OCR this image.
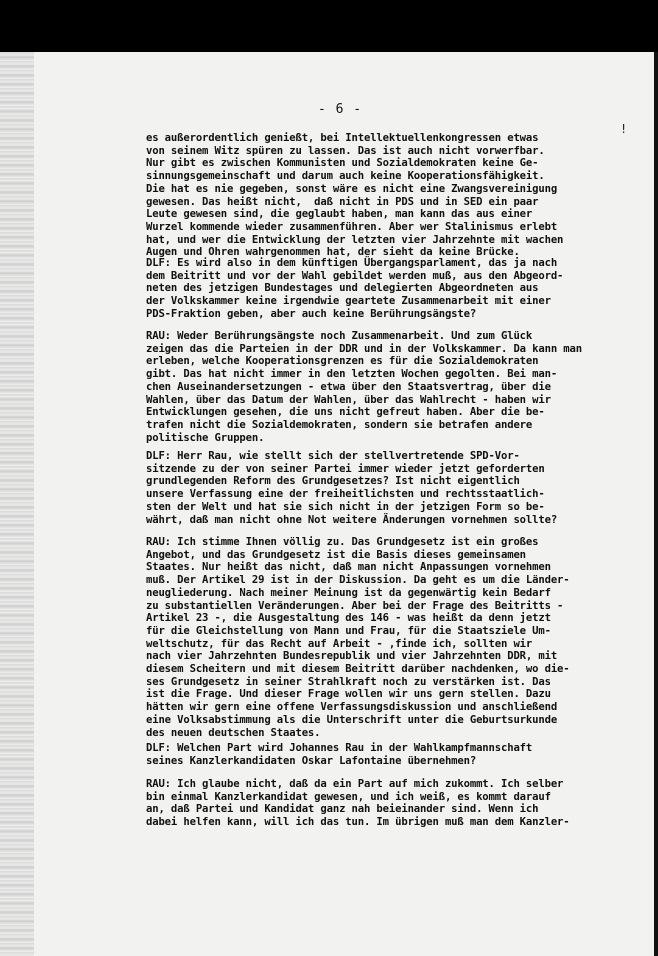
- 6 -
!
es außerordentlich genießt, bei Intellektuellenkongressen etwas
von seinem Witz spüren zu lassen. Das ist auch nicht vorwerfbar.
Nur gibt es zwischen Kommunisten und Sozialdemokraten keine Ge-
sinnungsgemeinschaft und darum auch keine Kooperationsfähigkeit.
Die hat es nie gegeben, sonst wäre es nicht eine Zwangsvereinigung
gewesen. Das heißt nicht,  daß nicht in PDS und in SED ein paar
Leute gewesen sind, die geglaubt haben, man kann das aus einer
Wurzel kommende wieder zusammenführen. Aber wer Stalinismus erlebt
hat, und wer die Entwicklung der letzten vier Jahrzehnte mit wachen
Augen und Ohren wahrgenommen hat, der sieht da keine Brücke.
DLF: Es wird also in dem künftigen Übergangsparlament, das ja nach
dem Beitritt und vor der Wahl gebildet werden muß, aus den Abgeord-
neten des jetzigen Bundestages und delegierten Abgeordneten aus
der Volkskammer keine irgendwie geartete Zusammenarbeit mit einer
PDS-Fraktion geben, aber auch keine Berührungsängste?
RAU: Weder Berührungsängste noch Zusammenarbeit. Und zum Glück
zeigen das die Parteien in der DDR und in der Volkskammer. Da kann man
erleben, welche Kooperationsgrenzen es für die Sozialdemokraten
gibt. Das hat nicht immer in den letzten Wochen gegolten. Bei man-
chen Auseinandersetzungen - etwa über den Staatsvertrag, über die
Wahlen, über das Datum der Wahlen, über das Wahlrecht - haben wir
Entwicklungen gesehen, die uns nicht gefreut haben. Aber die be-
trafen nicht die Sozialdemokraten, sondern sie betrafen andere
politische Gruppen.
DLF: Herr Rau, wie stellt sich der stellvertretende SPD-Vor-
sitzende zu der von seiner Partei immer wieder jetzt geforderten
grundlegenden Reform des Grundgesetzes? Ist nicht eigentlich
unsere Verfassung eine der freiheitlichsten und rechtsstaatlich-
sten der Welt und hat sie sich nicht in der jetzigen Form so be-
währt, daß man nicht ohne Not weitere Änderungen vornehmen sollte?
RAU: Ich stimme Ihnen völlig zu. Das Grundgesetz ist ein großes
Angebot, und das Grundgesetz ist die Basis dieses gemeinsamen
Staates. Nur heißt das nicht, daß man nicht Anpassungen vornehmen
muß. Der Artikel 29 ist in der Diskussion. Da geht es um die Länder-
neugliederung. Nach meiner Meinung ist da gegenwärtig kein Bedarf
zu substantiellen Veränderungen. Aber bei der Frage des Beitritts -
Artikel 23 -, die Ausgestaltung des 146 - was heißt da denn jetzt
für die Gleichstellung von Mann und Frau, für die Staatsziele Um-
weltschutz, für das Recht auf Arbeit - ,finde ich, sollten wir
nach vier Jahrzehnten Bundesrepublik und vier Jahrzehnten DDR, mit
diesem Scheitern und mit diesem Beitritt darüber nachdenken, wo die-
ses Grundgesetz in seiner Strahlkraft noch zu verstärken ist. Das
ist die Frage. Und dieser Frage wollen wir uns gern stellen. Dazu
hätten wir gern eine offene Verfassungsdiskussion und anschließend
eine Volksabstimmung als die Unterschrift unter die Geburtsurkunde
des neuen deutschen Staates.
DLF: Welchen Part wird Johannes Rau in der Wahlkampfmannschaft
seines Kanzlerkandidaten Oskar Lafontaine übernehmen?
RAU: Ich glaube nicht, daß da ein Part auf mich zukommt. Ich selber
bin einmal Kanzlerkandidat gewesen, und ich weiß, es kommt darauf
an, daß Partei und Kandidat ganz nah beieinander sind. Wenn ich
dabei helfen kann, will ich das tun. Im übrigen muß man dem Kanzler-
